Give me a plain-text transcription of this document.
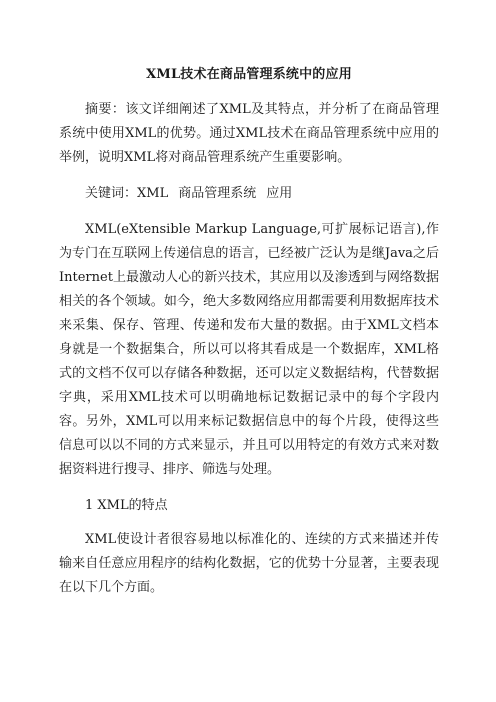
XML技术在商品管理系统中的应用

摘要：该文详细阐述了XML及其特点，并分析了在商品管理系统中使用XML的优势。通过XML技术在商品管理系统中应用的举例，说明XML将对商品管理系统产生重要影响。

关键词：XML 商品管理系统 应用

XML(eXtensible Markup Language,可扩展标记语言),作为专门在互联网上传递信息的语言，已经被广泛认为是继Java之后Internet上最激动人心的新兴技术，其应用以及渗透到与网络数据相关的各个领域。如今，绝大多数网络应用都需要利用数据库技术来采集、保存、管理、传递和发布大量的数据。由于XML文档本身就是一个数据集合，所以可以将其看成是一个数据库，XML格式的文档不仅可以存储各种数据，还可以定义数据结构，代替数据字典，采用XML技术可以明确地标记数据记录中的每个字段内容。另外，XML可以用来标记数据信息中的每个片段，使得这些信息可以以不同的方式来显示，并且可以用特定的有效方式来对数据资料进行搜寻、排序、筛选与处理。

1 XML的特点

XML使设计者很容易地以标准化的、连续的方式来描述并传输来自任意应用程序的结构化数据，它的优势十分显著，主要表现在以下几个方面。
